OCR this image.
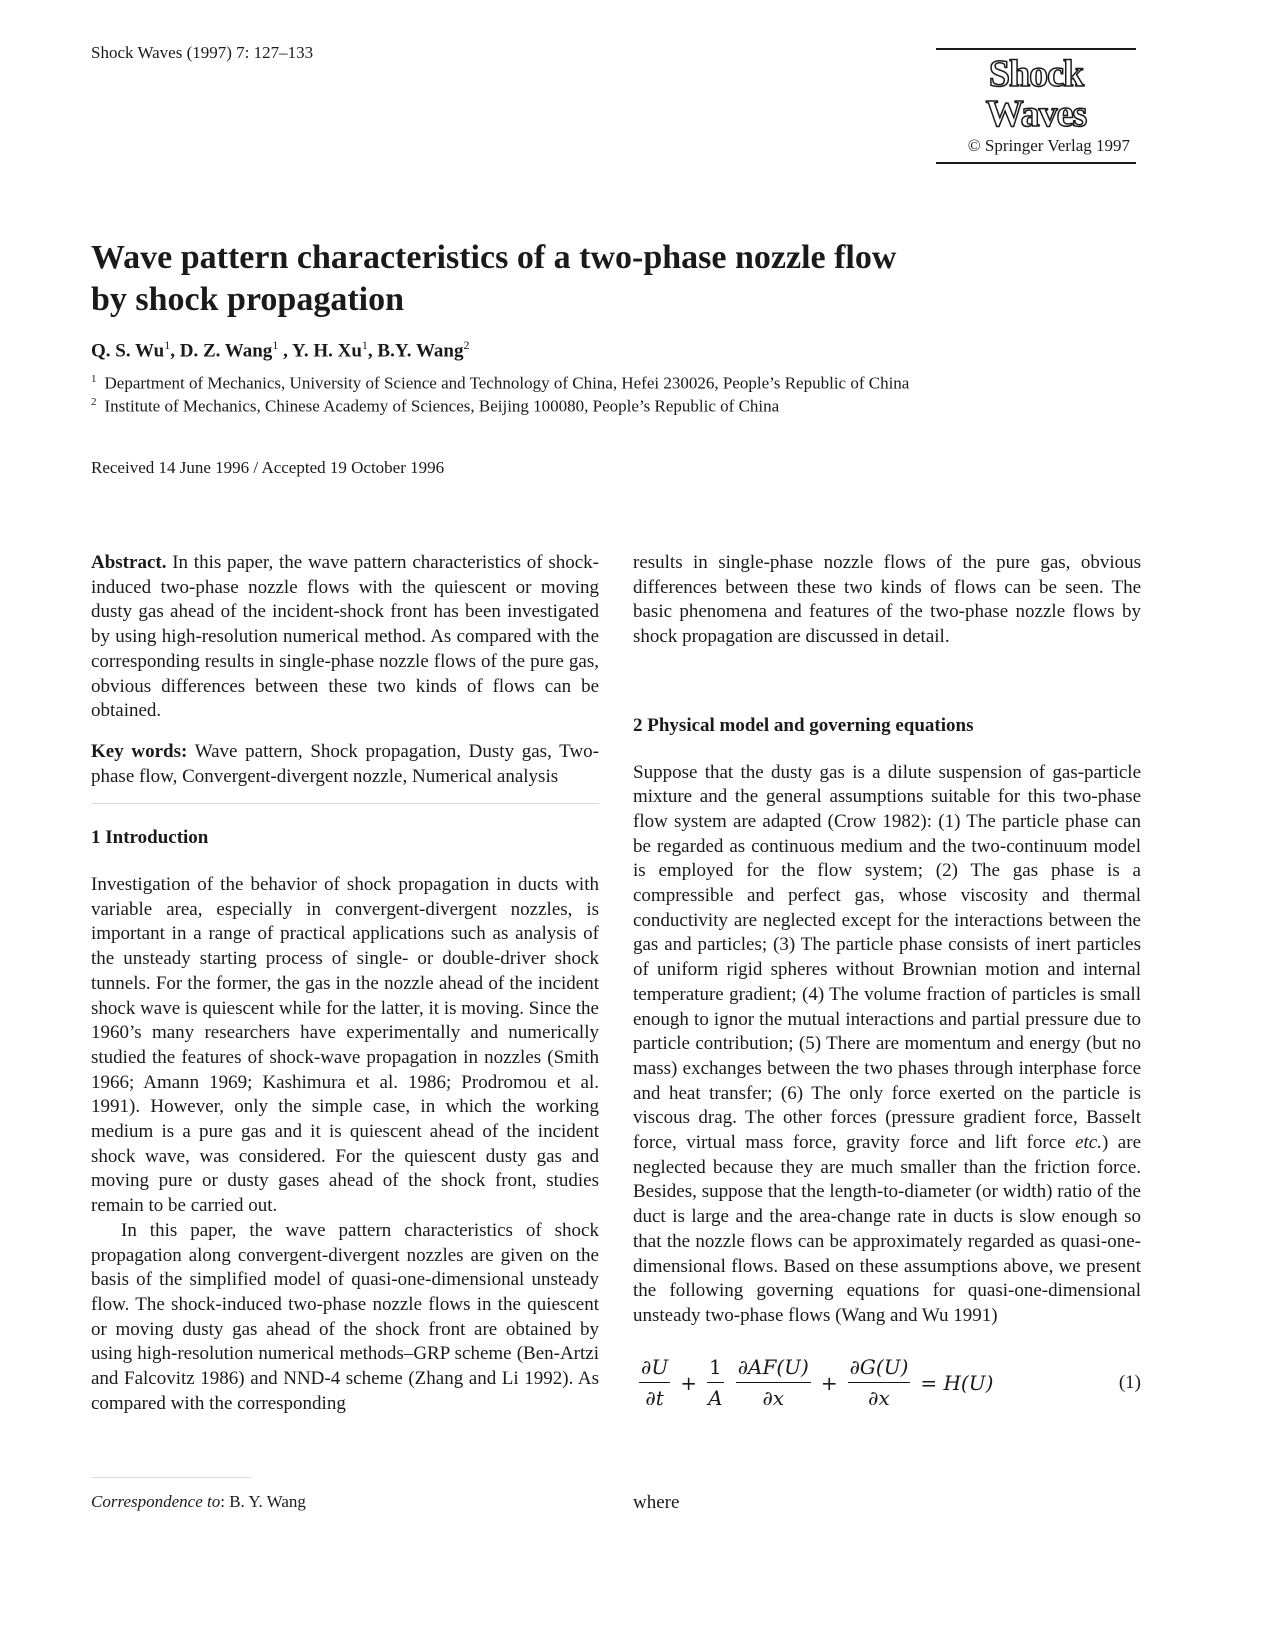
Shock Waves (1997) 7: 127–133
Shock Waves
© Springer Verlag 1997
Wave pattern characteristics of a two-phase nozzle flow
by shock propagation
Q. S. Wu$^1$, D. Z. Wang$^1$ , Y. H. Xu$^1$, B.Y. Wang$^2$
$^1$ Department of Mechanics, University of Science and Technology of China, Hefei 230026, People’s Republic of China
$^2$ Institute of Mechanics, Chinese Academy of Sciences, Beijing 100080, People’s Republic of China
Received 14 June 1996 / Accepted 19 October 1996

Abstract. In this paper, the wave pattern characteristics of shock-induced two-phase nozzle flows with the quiescent or moving dusty gas ahead of the incident-shock front has been investigated by using high-resolution numerical method. As compared with the corresponding results in single-phase nozzle flows of the pure gas, obvious differences between these two kinds of flows can be obtained.

Key words: Wave pattern, Shock propagation, Dusty gas, Two-phase flow, Convergent-divergent nozzle, Numerical analysis

1 Introduction

Investigation of the behavior of shock propagation in ducts with variable area, especially in convergent-divergent nozzles, is important in a range of practical applications such as analysis of the unsteady starting process of single- or double-driver shock tunnels. For the former, the gas in the nozzle ahead of the incident shock wave is quiescent while for the latter, it is moving. Since the 1960’s many researchers have experimentally and numerically studied the features of shock-wave propagation in nozzles (Smith 1966; Amann 1969; Kashimura et al. 1986; Prodromou et al. 1991). However, only the simple case, in which the working medium is a pure gas and it is quiescent ahead of the incident shock wave, was considered. For the quiescent dusty gas and moving pure or dusty gases ahead of the shock front, studies remain to be carried out.

In this paper, the wave pattern characteristics of shock propagation along convergent-divergent nozzles are given on the basis of the simplified model of quasi-one-dimensional unsteady flow. The shock-induced two-phase nozzle flows in the quiescent or moving dusty gas ahead of the shock front are obtained by using high-resolution numerical methods–GRP scheme (Ben-Artzi and Falcovitz 1986) and NND-4 scheme (Zhang and Li 1992). As compared with the corresponding

results in single-phase nozzle flows of the pure gas, obvious differences between these two kinds of flows can be seen. The basic phenomena and features of the two-phase nozzle flows by shock propagation are discussed in detail.

2 Physical model and governing equations

Suppose that the dusty gas is a dilute suspension of gas-particle mixture and the general assumptions suitable for this two-phase flow system are adapted (Crow 1982): (1) The particle phase can be regarded as continuous medium and the two-continuum model is employed for the flow system; (2) The gas phase is a compressible and perfect gas, whose viscosity and thermal conductivity are neglected except for the interactions between the gas and particles; (3) The particle phase consists of inert particles of uniform rigid spheres without Brownian motion and internal temperature gradient; (4) The volume fraction of particles is small enough to ignor the mutual interactions and partial pressure due to particle contribution; (5) There are momentum and energy (but no mass) exchanges between the two phases through interphase force and heat transfer; (6) The only force exerted on the particle is viscous drag. The other forces (pressure gradient force, Basselt force, virtual mass force, gravity force and lift force etc.) are neglected because they are much smaller than the friction force. Besides, suppose that the length-to-diameter (or width) ratio of the duct is large and the area-change rate in ducts is slow enough so that the nozzle flows can be approximately regarded as quasi-one-dimensional flows. Based on these assumptions above, we present the following governing equations for quasi-one-dimensional unsteady two-phase flows (Wang and Wu 1991)

$\frac{\partial U}{\partial t} + \frac{1}{A} \frac{\partial AF(U)}{\partial x} + \frac{\partial G(U)}{\partial x} = H(U)$	(1)
Correspondence to: B. Y. Wang	where
